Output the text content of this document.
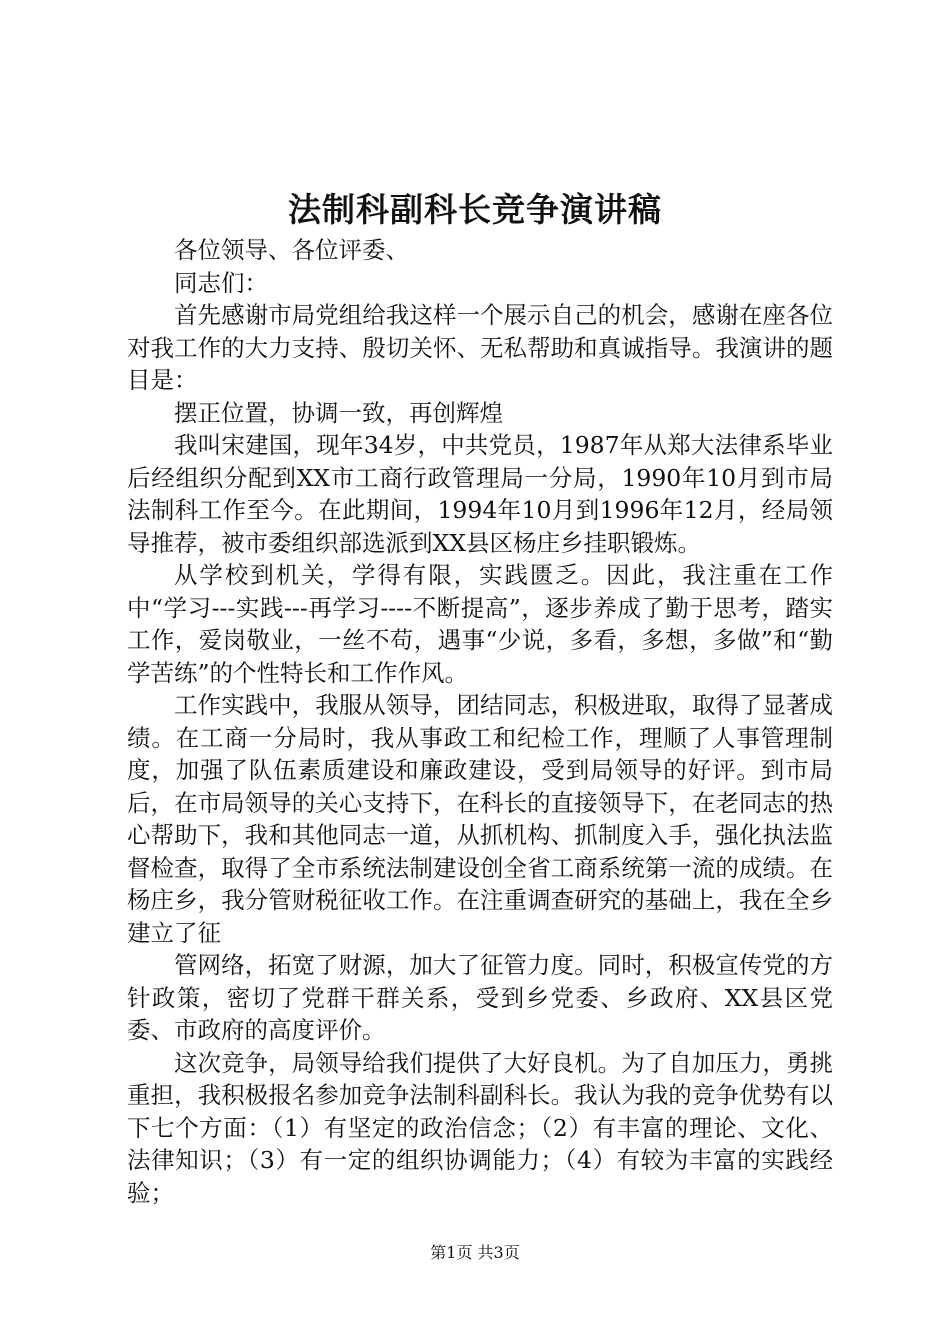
法制科副科长竞争演讲稿

各位领导、各位评委、

同志们：

首先感谢市局党组给我这样一个展示自己的机会，感谢在座各位对我工作的大力支持、殷切关怀、无私帮助和真诚指导。我演讲的题目是：

摆正位置，协调一致，再创辉煌

我叫宋建国，现年34岁，中共党员，1987年从郑大法律系毕业后经组织分配到XX市工商行政管理局一分局，1990年10月到市局法制科工作至今。在此期间，1994年10月到1996年12月，经局领导推荐，被市委组织部选派到XX县区杨庄乡挂职锻炼。

从学校到机关，学得有限，实践匮乏。因此，我注重在工作中“学习---实践---再学习----不断提高”，逐步养成了勤于思考，踏实工作，爱岗敬业，一丝不苟，遇事“少说，多看，多想，多做”和“勤学苦练”的个性特长和工作作风。

工作实践中，我服从领导，团结同志，积极进取，取得了显著成绩。在工商一分局时，我从事政工和纪检工作，理顺了人事管理制度，加强了队伍素质建设和廉政建设，受到局领导的好评。到市局后，在市局领导的关心支持下，在科长的直接领导下，在老同志的热心帮助下，我和其他同志一道，从抓机构、抓制度入手，强化执法监督检查，取得了全市系统法制建设创全省工商系统第一流的成绩。在杨庄乡，我分管财税征收工作。在注重调查研究的基础上，我在全乡建立了征

管网络，拓宽了财源，加大了征管力度。同时，积极宣传党的方针政策，密切了党群干群关系，受到乡党委、乡政府、XX县区党委、市政府的高度评价。

这次竞争，局领导给我们提供了大好良机。为了自加压力，勇挑重担，我积极报名参加竞争法制科副科长。我认为我的竞争优势有以下七个方面：（1）有坚定的政治信念；（2）有丰富的理论、文化、法律知识；（3）有一定的组织协调能力；（4）有较为丰富的实践经验；

第1页 共3页
